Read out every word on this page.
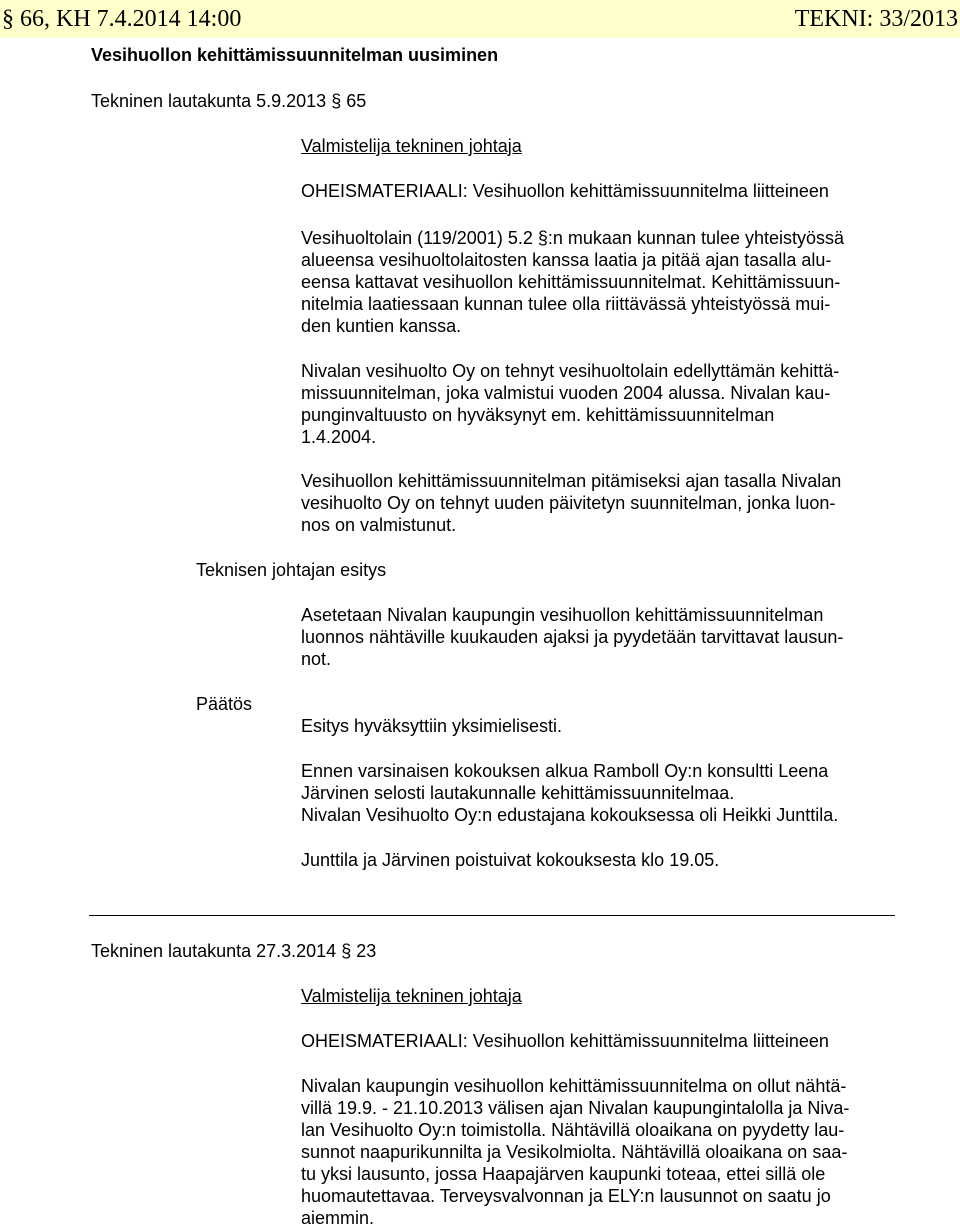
§ 66, KH 7.4.2014 14:00	TEKNI: 33/2013
Vesihuollon kehittämissuunnitelman uusiminen
Tekninen lautakunta 5.9.2013 § 65
Valmistelija tekninen johtaja
OHEISMATERIAALI: Vesihuollon kehittämissuunnitelma liitteineen
Vesihuoltolain (119/2001) 5.2 §:n mukaan kunnan tulee yhteistyössä
alueensa vesihuoltolaitosten kanssa laatia ja pitää ajan tasalla alu-
eensa kattavat vesihuollon kehittämissuunnitelmat. Kehittämissuun-
nitelmia laatiessaan kunnan tulee olla riittävässä yhteistyössä mui-
den kuntien kanssa.
Nivalan vesihuolto Oy on tehnyt vesihuoltolain edellyttämän kehittä-
missuunnitelman, joka valmistui vuoden 2004 alussa. Nivalan kau-
punginvaltuusto on hyväksynyt em. kehittämissuunnitelman
1.4.2004.
Vesihuollon kehittämissuunnitelman pitämiseksi ajan tasalla Nivalan
vesihuolto Oy on tehnyt uuden päivitetyn suunnitelman, jonka luon-
nos on valmistunut.
Teknisen johtajan esitys
Asetetaan Nivalan kaupungin vesihuollon kehittämissuunnitelman
luonnos nähtäville kuukauden ajaksi ja pyydetään tarvittavat lausun-
not.
Päätös
Esitys hyväksyttiin yksimielisesti.
Ennen varsinaisen kokouksen alkua Ramboll Oy:n konsultti Leena
Järvinen selosti lautakunnalle kehittämissuunnitelmaa.
Nivalan Vesihuolto Oy:n edustajana kokouksessa oli Heikki Junttila.
Junttila ja Järvinen poistuivat kokouksesta klo 19.05.
Tekninen lautakunta 27.3.2014 § 23
Valmistelija tekninen johtaja
OHEISMATERIAALI: Vesihuollon kehittämissuunnitelma liitteineen
Nivalan kaupungin vesihuollon kehittämissuunnitelma on ollut nähtä-
villä 19.9. - 21.10.2013 välisen ajan Nivalan kaupungintalolla ja Niva-
lan Vesihuolto Oy:n toimistolla. Nähtävillä oloaikana on pyydetty lau-
sunnot naapurikunnilta ja Vesikolmiolta. Nähtävillä oloaikana on saa-
tu yksi lausunto, jossa Haapajärven kaupunki toteaa, ettei sillä ole
huomautettavaa. Terveysvalvonnan ja ELY:n lausunnot on saatu jo
aiemmin.
